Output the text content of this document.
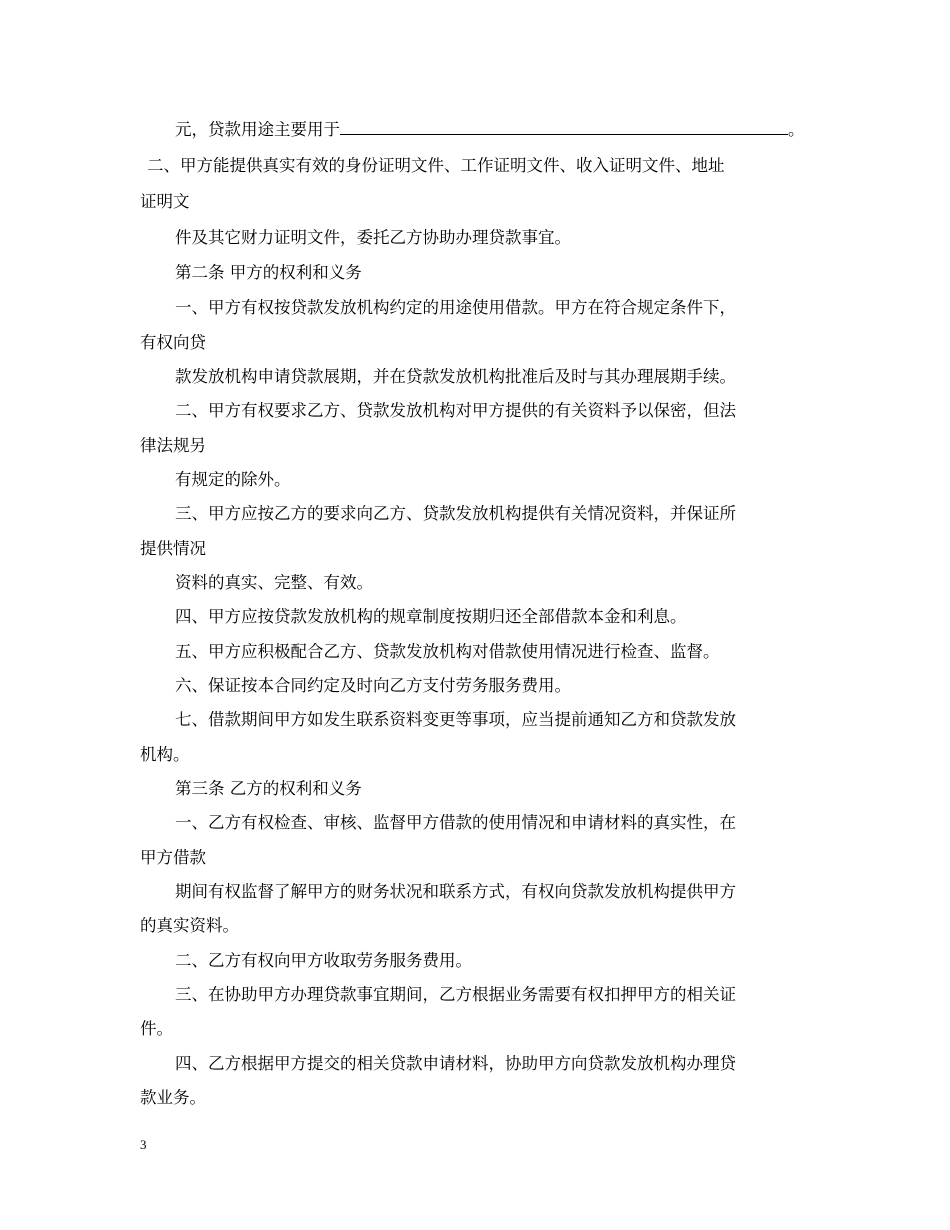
元，贷款用途主要用于	。
二、甲方能提供真实有效的身份证明文件、工作证明文件、收入证明文件、地址
证明文
件及其它财力证明文件，委托乙方协助办理贷款事宜。
第二条 甲方的权利和义务
一、甲方有权按贷款发放机构约定的用途使用借款。甲方在符合规定条件下，
有权向贷
款发放机构申请贷款展期，并在贷款发放机构批准后及时与其办理展期手续。
二、甲方有权要求乙方、贷款发放机构对甲方提供的有关资料予以保密，但法
律法规另
有规定的除外。
三、甲方应按乙方的要求向乙方、贷款发放机构提供有关情况资料，并保证所
提供情况
资料的真实、完整、有效。
四、甲方应按贷款发放机构的规章制度按期归还全部借款本金和利息。
五、甲方应积极配合乙方、贷款发放机构对借款使用情况进行检查、监督。
六、保证按本合同约定及时向乙方支付劳务服务费用。
七、借款期间甲方如发生联系资料变更等事项，应当提前通知乙方和贷款发放
机构。
第三条 乙方的权利和义务
一、乙方有权检查、审核、监督甲方借款的使用情况和申请材料的真实性，在
甲方借款
期间有权监督了解甲方的财务状况和联系方式，有权向贷款发放机构提供甲方
的真实资料。
二、乙方有权向甲方收取劳务服务费用。
三、在协助甲方办理贷款事宜期间，乙方根据业务需要有权扣押甲方的相关证
件。
四、乙方根据甲方提交的相关贷款申请材料，协助甲方向贷款发放机构办理贷
款业务。
3
